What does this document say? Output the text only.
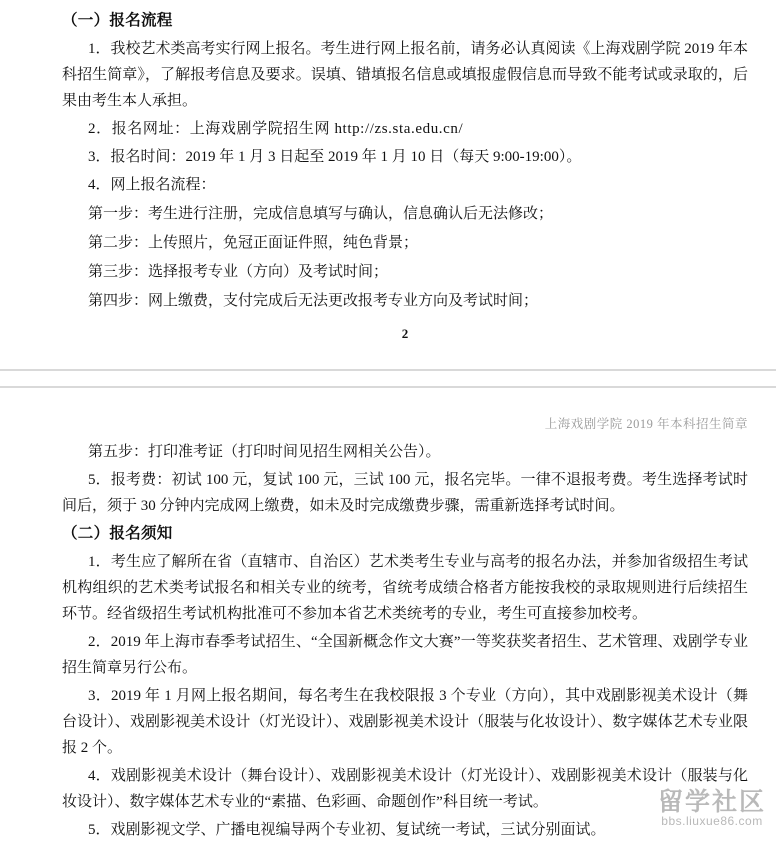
（一）报名流程

1．我校艺术类高考实行网上报名。考生进行网上报名前，请务必认真阅读《上海戏剧学院 2019 年本科招生简章》，了解报考信息及要求。误填、错填报名信息或填报虚假信息而导致不能考试或录取的，后果由考生本人承担。

2．报名网址：上海戏剧学院招生网 http://zs.sta.edu.cn/

3．报名时间：2019 年 1 月 3 日起至 2019 年 1 月 10 日（每天 9:00-19:00）。

4．网上报名流程：

第一步：考生进行注册，完成信息填写与确认，信息确认后无法修改；

第二步：上传照片，免冠正面证件照，纯色背景；

第三步：选择报考专业（方向）及考试时间；

第四步：网上缴费，支付完成后无法更改报考专业方向及考试时间；

2
上海戏剧学院 2019 年本科招生简章

第五步：打印准考证（打印时间见招生网相关公告）。

5．报考费：初试 100 元，复试 100 元，三试 100 元，报名完毕。一律不退报考费。考生选择考试时间后，须于 30 分钟内完成网上缴费，如未及时完成缴费步骤，需重新选择考试时间。

（二）报名须知

1．考生应了解所在省（直辖市、自治区）艺术类考生专业与高考的报名办法，并参加省级招生考试机构组织的艺术类考试报名和相关专业的统考，省统考成绩合格者方能按我校的录取规则进行后续招生环节。经省级招生考试机构批准可不参加本省艺术类统考的专业，考生可直接参加校考。

2．2019 年上海市春季考试招生、“全国新概念作文大赛”一等奖获奖者招生、艺术管理、戏剧学专业招生简章另行公布。

3．2019 年 1 月网上报名期间，每名考生在我校限报 3 个专业（方向），其中戏剧影视美术设计（舞台设计）、戏剧影视美术设计（灯光设计）、戏剧影视美术设计（服装与化妆设计）、数字媒体艺术专业限报 2 个。

4．戏剧影视美术设计（舞台设计）、戏剧影视美术设计（灯光设计）、戏剧影视美术设计（服装与化妆设计）、数字媒体艺术专业的“素描、色彩画、命题创作”科目统一考试。

5．戏剧影视文学、广播电视编导两个专业初、复试统一考试，三试分别面试。

留学社区
bbs.liuxue86.com
